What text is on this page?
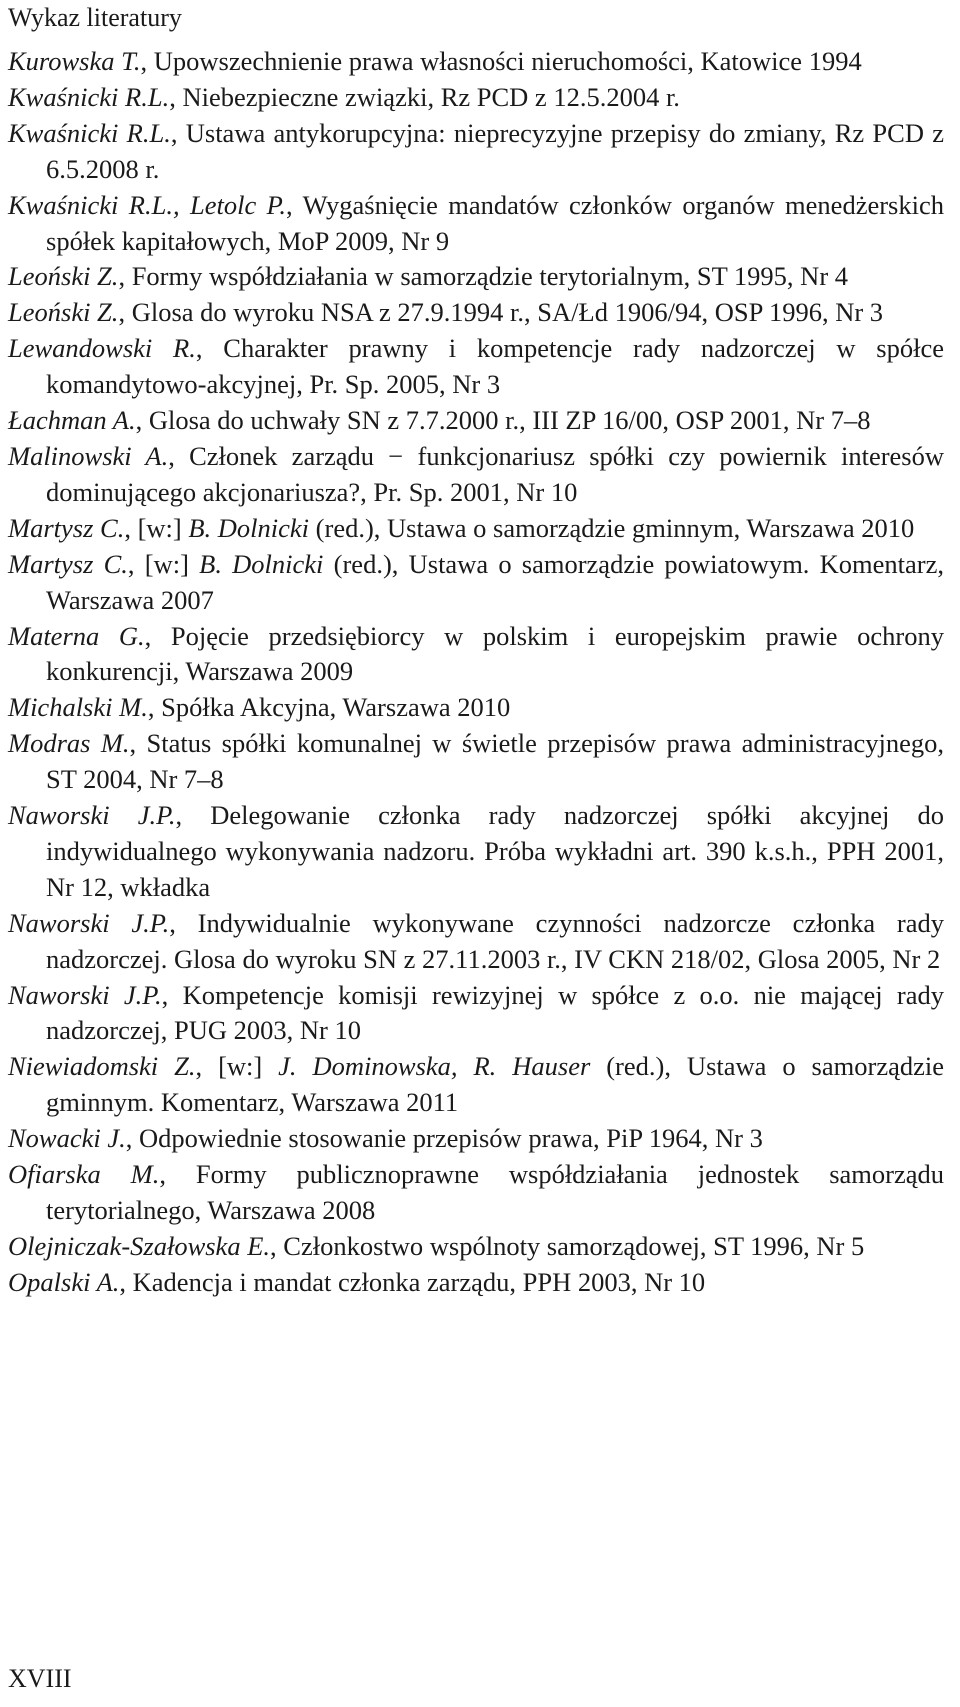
Wykaz literatury
Kurowska T., Upowszechnienie prawa własności nieruchomości, Katowice 1994
Kwaśnicki R.L., Niebezpieczne związki, Rz PCD z 12.5.2004 r.
Kwaśnicki R.L., Ustawa antykorupcyjna: nieprecyzyjne przepisy do zmiany, Rz PCD z 6.5.2008 r.
Kwaśnicki R.L., Letolc P., Wygaśnięcie mandatów członków organów menedżerskich spółek kapitałowych, MoP 2009, Nr 9
Leoński Z., Formy współdziałania w samorządzie terytorialnym, ST 1995, Nr 4
Leoński Z., Glosa do wyroku NSA z 27.9.1994 r., SA/Łd 1906/94, OSP 1996, Nr 3
Lewandowski R., Charakter prawny i kompetencje rady nadzorczej w spółce komandytowo-akcyjnej, Pr. Sp. 2005, Nr 3
Łachman A., Glosa do uchwały SN z 7.7.2000 r., III ZP 16/00, OSP 2001, Nr 7–8
Malinowski A., Członek zarządu − funkcjonariusz spółki czy powiernik interesów dominującego akcjonariusza?, Pr. Sp. 2001, Nr 10
Martysz C., [w:] B. Dolnicki (red.), Ustawa o samorządzie gminnym, Warszawa 2010
Martysz C., [w:] B. Dolnicki (red.), Ustawa o samorządzie powiatowym. Komentarz, Warszawa 2007
Materna G., Pojęcie przedsiębiorcy w polskim i europejskim prawie ochrony konkurencji, Warszawa 2009
Michalski M., Spółka Akcyjna, Warszawa 2010
Modras M., Status spółki komunalnej w świetle przepisów prawa administracyjnego, ST 2004, Nr 7–8
Naworski J.P., Delegowanie członka rady nadzorczej spółki akcyjnej do indywidualnego wykonywania nadzoru. Próba wykładni art. 390 k.s.h., PPH 2001, Nr 12, wkładka
Naworski J.P., Indywidualnie wykonywane czynności nadzorcze członka rady nadzorczej. Glosa do wyroku SN z 27.11.2003 r., IV CKN 218/02, Glosa 2005, Nr 2
Naworski J.P., Kompetencje komisji rewizyjnej w spółce z o.o. nie mającej rady nadzorczej, PUG 2003, Nr 10
Niewiadomski Z., [w:] J. Dominowska, R. Hauser (red.), Ustawa o samorządzie gminnym. Komentarz, Warszawa 2011
Nowacki J., Odpowiednie stosowanie przepisów prawa, PiP 1964, Nr 3
Ofiarska M., Formy publicznoprawne współdziałania jednostek samorządu terytorialnego, Warszawa 2008
Olejniczak-Szałowska E., Członkostwo wspólnoty samorządowej, ST 1996, Nr 5
Opalski A., Kadencja i mandat członka zarządu, PPH 2003, Nr 10
XVIII
